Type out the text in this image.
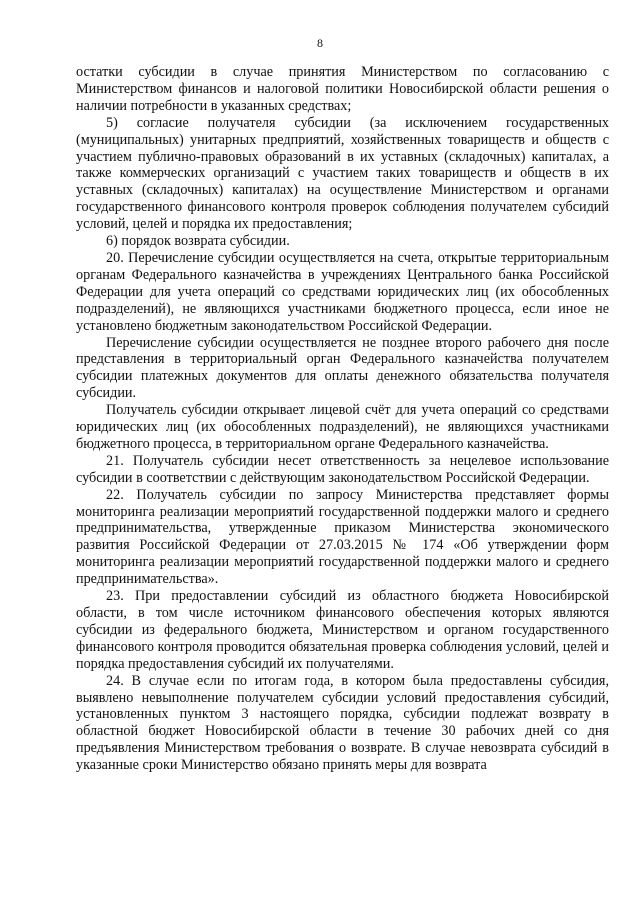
8

остатки субсидии в случае принятия Министерством по согласованию с Министерством финансов и налоговой политики Новосибирской области решения о наличии потребности в указанных средствах;

5) согласие получателя субсидии (за исключением государственных (муниципальных) унитарных предприятий, хозяйственных товариществ и обществ с участием публично-правовых образований в их уставных (складочных) капиталах, а также коммерческих организаций с участием таких товариществ и обществ в их уставных (складочных) капиталах) на осуществление Министерством и органами государственного финансового контроля проверок соблюдения получателем субсидий условий, целей и порядка их предоставления;

6) порядок возврата субсидии.

20. Перечисление субсидии осуществляется на счета, открытые территориальным органам Федерального казначейства в учреждениях Центрального банка Российской Федерации для учета операций со средствами юридических лиц (их обособленных подразделений), не являющихся участниками бюджетного процесса, если иное не установлено бюджетным законодательством Российской Федерации.

Перечисление субсидии осуществляется не позднее второго рабочего дня после представления в территориальный орган Федерального казначейства получателем субсидии платежных документов для оплаты денежного обязательства получателя субсидии.

Получатель субсидии открывает лицевой счёт для учета операций со средствами юридических лиц (их обособленных подразделений), не являющихся участниками бюджетного процесса, в территориальном органе Федерального казначейства.

21. Получатель субсидии несет ответственность за нецелевое использование субсидии в соответствии с действующим законодательством Российской Федерации.

22. Получатель субсидии по запросу Министерства представляет формы мониторинга реализации мероприятий государственной поддержки малого и среднего предпринимательства, утвержденные приказом Министерства экономического развития Российской Федерации от 27.03.2015 № 174 «Об утверждении форм мониторинга реализации мероприятий государственной поддержки малого и среднего предпринимательства».

23. При предоставлении субсидий из областного бюджета Новосибирской области, в том числе источником финансового обеспечения которых являются субсидии из федерального бюджета, Министерством и органом государственного финансового контроля проводится обязательная проверка соблюдения условий, целей и порядка предоставления субсидий их получателями.

24. В случае если по итогам года, в котором была предоставлены субсидия, выявлено невыполнение получателем субсидии условий предоставления субсидий, установленных пунктом 3 настоящего порядка, субсидии подлежат возврату в областной бюджет Новосибирской области в течение 30 рабочих дней со дня предъявления Министерством требования о возврате. В случае невозврата субсидий в указанные сроки Министерство обязано принять меры для возврата
